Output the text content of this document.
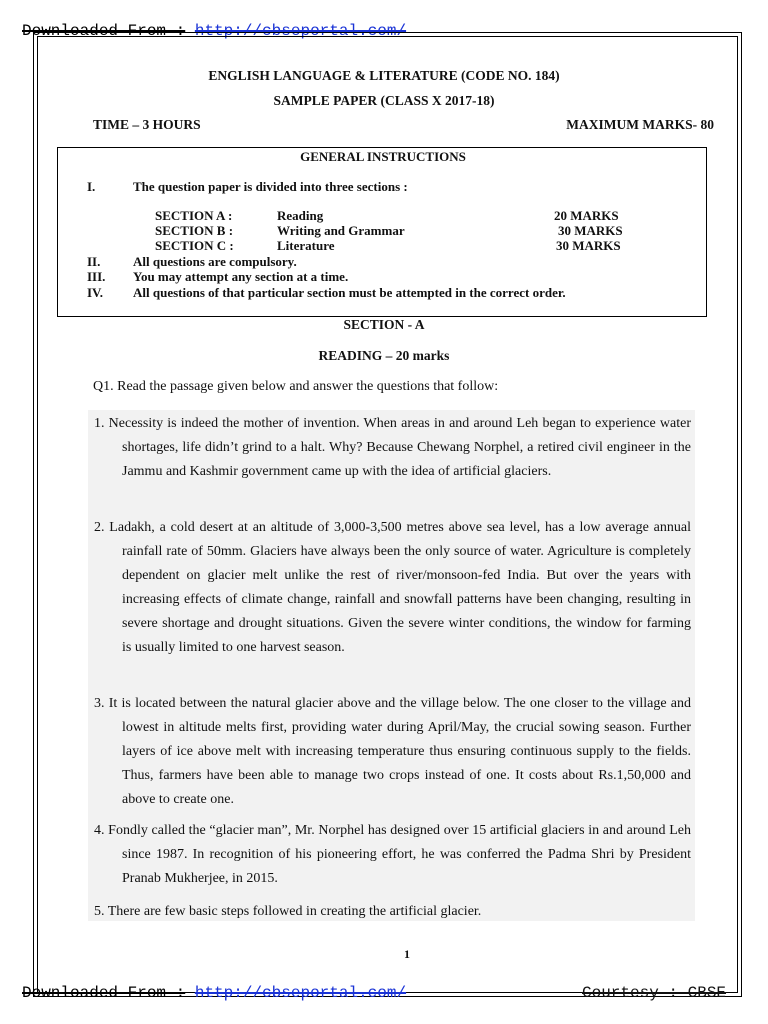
Downloaded From : http://cbseportal.com/
ENGLISH LANGUAGE & LITERATURE (CODE NO. 184)
SAMPLE PAPER (CLASS X 2017-18)
TIME – 3 HOURS	MAXIMUM MARKS- 80
GENERAL INSTRUCTIONS
I.	The question paper is divided into three sections :
SECTION A :	Reading	20 MARKS
SECTION B :	Writing and Grammar	30 MARKS
SECTION C :	Literature	30 MARKS
II.	All questions are compulsory.
III. You may attempt any section at a time.
IV. All questions of that particular section must be attempted in the correct order.
SECTION - A
READING – 20 marks
Q1. Read the passage given below and answer the questions that follow:
1. Necessity is indeed the mother of invention. When areas in and around Leh began to experience water shortages, life didn’t grind to a halt. Why? Because Chewang Norphel, a retired civil engineer in the Jammu and Kashmir government came up with the idea of artificial glaciers.
2. Ladakh, a cold desert at an altitude of 3,000-3,500 metres above sea level, has a low average annual rainfall rate of 50mm. Glaciers have always been the only source of water. Agriculture is completely dependent on glacier melt unlike the rest of river/monsoon-fed India. But over the years with increasing effects of climate change, rainfall and snowfall patterns have been changing, resulting in severe shortage and drought situations. Given the severe winter conditions, the window for farming is usually limited to one harvest season.
3. It is located between the natural glacier above and the village below. The one closer to the village and lowest in altitude melts first, providing water during April/May, the crucial sowing season. Further layers of ice above melt with increasing temperature thus ensuring continuous supply to the fields. Thus, farmers have been able to manage two crops instead of one. It costs about Rs.1,50,000 and above to create one.
4. Fondly called the “glacier man”, Mr. Norphel has designed over 15 artificial glaciers in and around Leh since 1987. In recognition of his pioneering effort, he was conferred the Padma Shri by President Pranab Mukherjee, in 2015.
5. There are few basic steps followed in creating the artificial glacier.
1
Downloaded From : http://cbseportal.com/	Courtesy : CBSE
